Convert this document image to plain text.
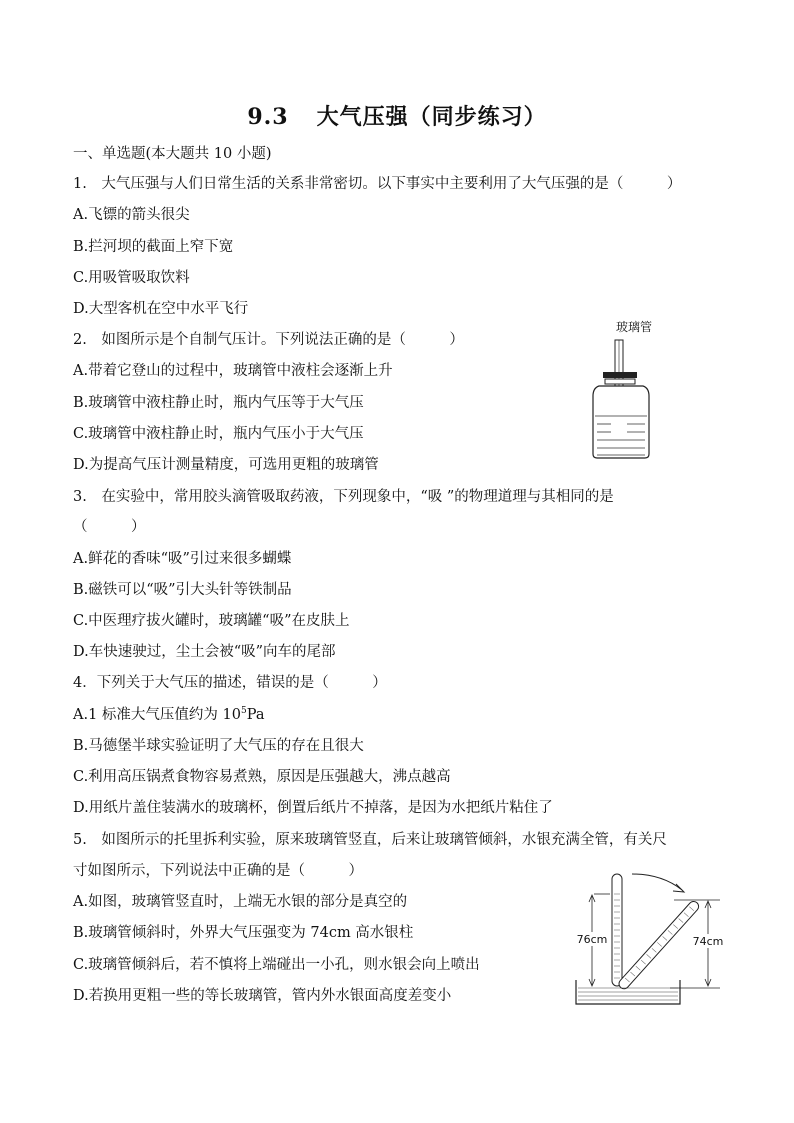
9.3 大气压强（同步练习）
一、单选题(本大题共 10 小题)
1.　大气压强与人们日常生活的关系非常密切。以下事实中主要利用了大气压强的是（　　　）
A.飞镖的箭头很尖
B.拦河坝的截面上窄下宽
C.用吸管吸取饮料
D.大型客机在空中水平飞行
2.　如图所示是个自制气压计。下列说法正确的是（　　　）
A.带着它登山的过程中，玻璃管中液柱会逐渐上升
B.玻璃管中液柱静止时，瓶内气压等于大气压
C.玻璃管中液柱静止时，瓶内气压小于大气压
D.为提高气压计测量精度，可选用更粗的玻璃管
玻璃管
3.　在实验中，常用胶头滴管吸取药液，下列现象中，“吸 ”的物理道理与其相同的是
（　　　）
A.鲜花的香味“吸”引过来很多蝴蝶
B.磁铁可以“吸”引大头针等铁制品
C.中医理疗拔火罐时，玻璃罐“吸”在皮肤上
D.车快速驶过，尘土会被“吸”向车的尾部
4．下列关于大气压的描述，错误的是（　　　）
A.1 标准大气压值约为 $10^5Pa$
B.马德堡半球实验证明了大气压的存在且很大
C.利用高压锅煮食物容易煮熟，原因是压强越大，沸点越高
D.用纸片盖住装满水的玻璃杯，倒置后纸片不掉落，是因为水把纸片粘住了
5.　如图所示的托里拆利实验，原来玻璃管竖直，后来让玻璃管倾斜，水银充满全管，有关尺
寸如图所示，下列说法中正确的是（　　　）
A.如图，玻璃管竖直时，上端无水银的部分是真空的
B.玻璃管倾斜时，外界大气压强变为 74cm 高水银柱
C.玻璃管倾斜后，若不慎将上端碰出一小孔，则水银会向上喷出
D.若换用更粗一些的等长玻璃管，管内外水银面高度差变小
76cm	74cm
